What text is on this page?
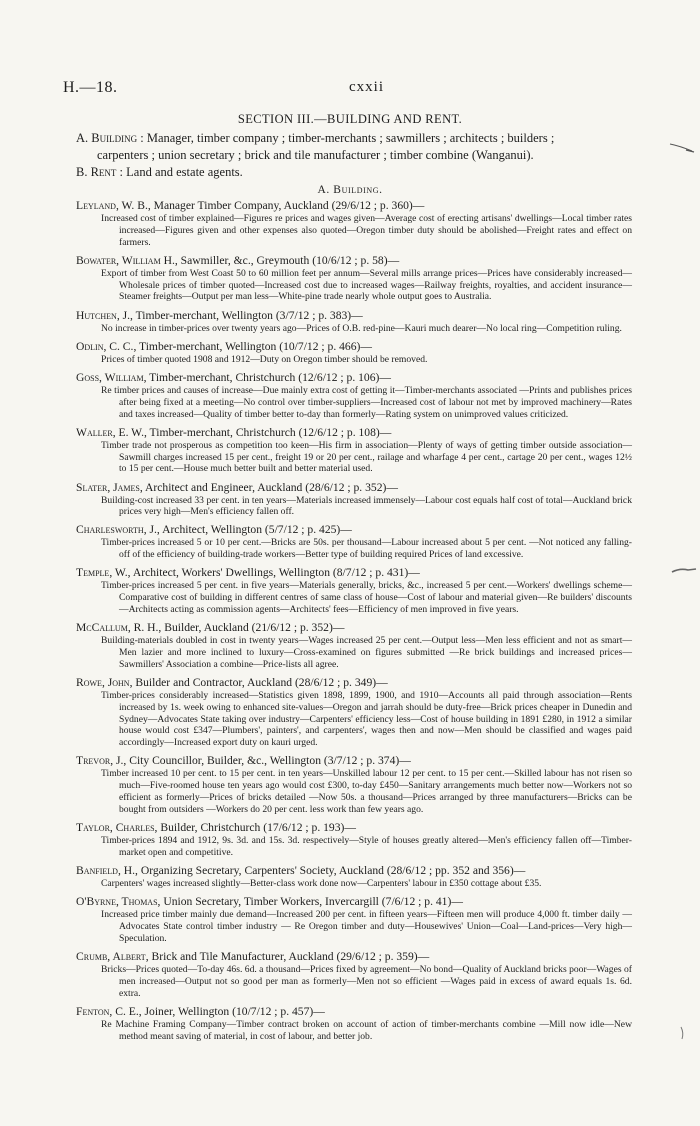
H.—18.	cxxii
SECTION III.—BUILDING AND RENT.
A. Building : Manager, timber company ; timber-merchants ; sawmillers ; architects ; builders ;
carpenters ; union secretary ; brick and tile manufacturer ; timber combine (Wanganui).
B. Rent : Land and estate agents.
A. Building.
Leyland, W. B., Manager Timber Company, Auckland (29/6/12 ; p. 360)—
Increased cost of timber explained—Figures re prices and wages given—Average cost of erecting artisans' dwellings—Local timber rates increased—Figures given and other expenses also quoted—Oregon timber duty should be abolished—Freight rates and effect on farmers.
Bowater, William H., Sawmiller, &c., Greymouth (10/6/12 ; p. 58)—
Export of timber from West Coast 50 to 60 million feet per annum—Several mills arrange prices—Prices have considerably increased—Wholesale prices of timber quoted—Increased cost due to increased wages—Railway freights, royalties, and accident insurance—Steamer freights—Output per man less—White-pine trade nearly whole output goes to Australia.
Hutchen, J., Timber-merchant, Wellington (3/7/12 ; p. 383)—
No increase in timber-prices over twenty years ago—Prices of O.B. red-pine—Kauri much dearer—No local ring—Competition ruling.
Odlin, C. C., Timber-merchant, Wellington (10/7/12 ; p. 466)—
Prices of timber quoted 1908 and 1912—Duty on Oregon timber should be removed.
Goss, William, Timber-merchant, Christchurch (12/6/12 ; p. 106)—
Re timber prices and causes of increase—Due mainly extra cost of getting it—Timber-merchants associated —Prints and publishes prices after being fixed at a meeting—No control over timber-suppliers—Increased cost of labour not met by improved machinery—Rates and taxes increased—Quality of timber better to-day than formerly—Rating system on unimproved values criticized.
Waller, E. W., Timber-merchant, Christchurch (12/6/12 ; p. 108)—
Timber trade not prosperous as competition too keen—His firm in association—Plenty of ways of getting timber outside association—Sawmill charges increased 15 per cent., freight 19 or 20 per cent., railage and wharfage 4 per cent., cartage 20 per cent., wages 12½ to 15 per cent.—House much better built and better material used.
Slater, James, Architect and Engineer, Auckland (28/6/12 ; p. 352)—
Building-cost increased 33 per cent. in ten years—Materials increased immensely—Labour cost equals half cost of total—Auckland brick prices very high—Men's efficiency fallen off.
Charlesworth, J., Architect, Wellington (5/7/12 ; p. 425)—
Timber-prices increased 5 or 10 per cent.—Bricks are 50s. per thousand—Labour increased about 5 per cent. —Not noticed any falling-off of the efficiency of building-trade workers—Better type of building required Prices of land excessive.
Temple, W., Architect, Workers' Dwellings, Wellington (8/7/12 ; p. 431)—
Timber-prices increased 5 per cent. in five years—Materials generally, bricks, &c., increased 5 per cent.—Workers' dwellings scheme—Comparative cost of building in different centres of same class of house—Cost of labour and material given—Re builders' discounts—Architects acting as commission agents—Architects' fees—Efficiency of men improved in five years.
McCallum, R. H., Builder, Auckland (21/6/12 ; p. 352)—
Building-materials doubled in cost in twenty years—Wages increased 25 per cent.—Output less—Men less efficient and not as smart—Men lazier and more inclined to luxury—Cross-examined on figures submitted —Re brick buildings and increased prices—Sawmillers' Association a combine—Price-lists all agree.
Rowe, John, Builder and Contractor, Auckland (28/6/12 ; p. 349)—
Timber-prices considerably increased—Statistics given 1898, 1899, 1900, and 1910—Accounts all paid through association—Rents increased by 1s. week owing to enhanced site-values—Oregon and jarrah should be duty-free—Brick prices cheaper in Dunedin and Sydney—Advocates State taking over industry—Carpenters' efficiency less—Cost of house building in 1891 £280, in 1912 a similar house would cost £347—Plumbers', painters', and carpenters', wages then and now—Men should be classified and wages paid accordingly—Increased export duty on kauri urged.
Trevor, J., City Councillor, Builder, &c., Wellington (3/7/12 ; p. 374)—
Timber increased 10 per cent. to 15 per cent. in ten years—Unskilled labour 12 per cent. to 15 per cent.—Skilled labour has not risen so much—Five-roomed house ten years ago would cost £300, to-day £450—Sanitary arrangements much better now—Workers not so efficient as formerly—Prices of bricks detailed —Now 50s. a thousand—Prices arranged by three manufacturers—Bricks can be bought from outsiders —Workers do 20 per cent. less work than few years ago.
Taylor, Charles, Builder, Christchurch (17/6/12 ; p. 193)—
Timber-prices 1894 and 1912, 9s. 3d. and 15s. 3d. respectively—Style of houses greatly altered—Men's efficiency fallen off—Timber-market open and competitive.
Banfield, H., Organizing Secretary, Carpenters' Society, Auckland (28/6/12 ; pp. 352 and 356)—
Carpenters' wages increased slightly—Better-class work done now—Carpenters' labour in £350 cottage about £35.
O'Byrne, Thomas, Union Secretary, Timber Workers, Invercargill (7/6/12 ; p. 41)—
Increased price timber mainly due demand—Increased 200 per cent. in fifteen years—Fifteen men will produce 4,000 ft. timber daily — Advocates State control timber industry — Re Oregon timber and duty—Housewives' Union—Coal—Land-prices—Very high—Speculation.
Crumb, Albert, Brick and Tile Manufacturer, Auckland (29/6/12 ; p. 359)—
Bricks—Prices quoted—To-day 46s. 6d. a thousand—Prices fixed by agreement—No bond—Quality of Auckland bricks poor—Wages of men increased—Output not so good per man as formerly—Men not so efficient —Wages paid in excess of award equals 1s. 6d. extra.
Fenton, C. E., Joiner, Wellington (10/7/12 ; p. 457)—
Re Machine Framing Company—Timber contract broken on account of action of timber-merchants combine —Mill now idle—New method meant saving of material, in cost of labour, and better job.
